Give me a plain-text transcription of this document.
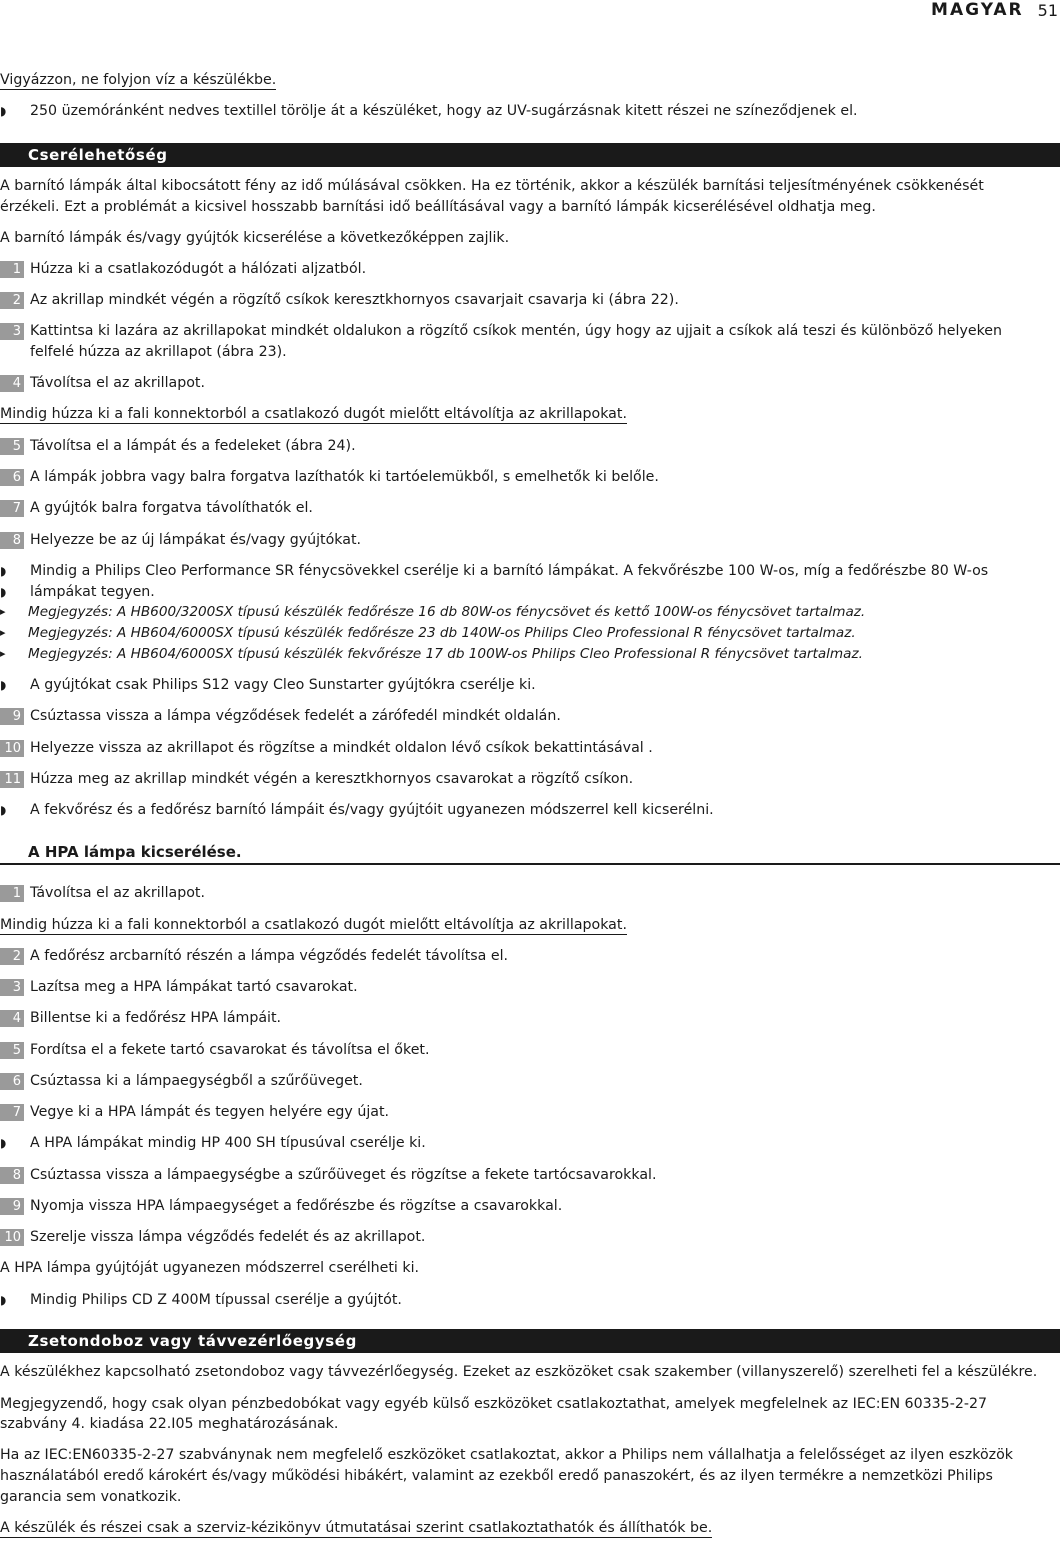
MAGYAR 51
Vigyázzon, ne folyjon víz a készülékbe.
◗ 250 üzemóránként nedves textillel törölje át a készüléket, hogy az UV-sugárzásnak kitett részei ne színeződjenek el.
Cserélehetőség
A barnító lámpák által kibocsátott fény az idő múlásával csökken. Ha ez történik, akkor a készülék barnítási teljesítményének csökkenését
érzékeli. Ezt a problémát a kicsivel hosszabb barnítási idő beállításával vagy a barnító lámpák kicserélésével oldhatja meg.
A barnító lámpák és/vagy gyújtók kicserélése a következőképpen zajlik.
1 Húzza ki a csatlakozódugót a hálózati aljzatból.
2 Az akrillap mindkét végén a rögzítő csíkok keresztkhornyos csavarjait csavarja ki (ábra 22).
3 Kattintsa ki lazára az akrillapokat mindkét oldalukon a rögzítő csíkok mentén, úgy hogy az ujjait a csíkok alá teszi és különböző helyeken
felfelé húzza az akrillapot (ábra 23).
4 Távolítsa el az akrillapot.
Mindig húzza ki a fali konnektorból a csatlakozó dugót mielőtt eltávolítja az akrillapokat.
5 Távolítsa el a lámpát és a fedeleket (ábra 24).
6 A lámpák jobbra vagy balra forgatva lazíthatók ki tartóelemükből, s emelhetők ki belőle.
7 A gyújtók balra forgatva távolíthatók el.
8 Helyezze be az új lámpákat és/vagy gyújtókat.
◗ Mindig a Philips Cleo Performance SR fénycsövekkel cserélje ki a barnító lámpákat. A fekvőrészbe 100 W-os, míg a fedőrészbe 80 W-os
◗ lámpákat tegyen.
▸ Megjegyzés: A HB600/3200SX típusú készülék fedőrésze 16 db 80W-os fénycsövet és kettő 100W-os fénycsövet tartalmaz.
▸ Megjegyzés: A HB604/6000SX típusú készülék fedőrésze 23 db 140W-os Philips Cleo Professional R fénycsövet tartalmaz.
▸ Megjegyzés: A HB604/6000SX típusú készülék fekvőrésze 17 db 100W-os Philips Cleo Professional R fénycsövet tartalmaz.
◗ A gyújtókat csak Philips S12 vagy Cleo Sunstarter gyújtókra cserélje ki.
9 Csúztassa vissza a lámpa végződések fedelét a zárófedél mindkét oldalán.
10 Helyezze vissza az akrillapot és rögzítse a mindkét oldalon lévő csíkok bekattintásával .
11 Húzza meg az akrillap mindkét végén a keresztkhornyos csavarokat a rögzítő csíkon.
◗ A fekvőrész és a fedőrész barnító lámpáit és/vagy gyújtóit ugyanezen módszerrel kell kicserélni.
A HPA lámpa kicserélése.
1 Távolítsa el az akrillapot.
Mindig húzza ki a fali konnektorból a csatlakozó dugót mielőtt eltávolítja az akrillapokat.
2 A fedőrész arcbarnító részén a lámpa végződés fedelét távolítsa el.
3 Lazítsa meg a HPA lámpákat tartó csavarokat.
4 Billentse ki a fedőrész HPA lámpáit.
5 Fordítsa el a fekete tartó csavarokat és távolítsa el őket.
6 Csúztassa ki a lámpaegységből a szűrőüveget.
7 Vegye ki a HPA lámpát és tegyen helyére egy újat.
◗ A HPA lámpákat mindig HP 400 SH típusúval cserélje ki.
8 Csúztassa vissza a lámpaegységbe a szűrőüveget és rögzítse a fekete tartócsavarokkal.
9 Nyomja vissza HPA lámpaegységet a fedőrészbe és rögzítse a csavarokkal.
10 Szerelje vissza lámpa végződés fedelét és az akrillapot.
A HPA lámpa gyújtóját ugyanezen módszerrel cserélheti ki.
◗ Mindig Philips CD Z 400M típussal cserélje a gyújtót.
Zsetondoboz vagy távvezérlőegység
A készülékhez kapcsolható zsetondoboz vagy távvezérlőegység. Ezeket az eszközöket csak szakember (villanyszerelő) szerelheti fel a készülékre.
Megjegyzendő, hogy csak olyan pénzbedobókat vagy egyéb külső eszközöket csatlakoztathat, amelyek megfelelnek az IEC:EN 60335-2-27
szabvány 4. kiadása 22.I05 meghatározásának.
Ha az IEC:EN60335-2-27 szabványnak nem megfelelő eszközöket csatlakoztat, akkor a Philips nem vállalhatja a felelősséget az ilyen eszközök
használatából eredő károkért és/vagy működési hibákért, valamint az ezekből eredő panaszokért, és az ilyen termékre a nemzetközi Philips
garancia sem vonatkozik.
A készülék és részei csak a szerviz-kézikönyv útmutatásai szerint csatlakoztathatók és állíthatók be.
